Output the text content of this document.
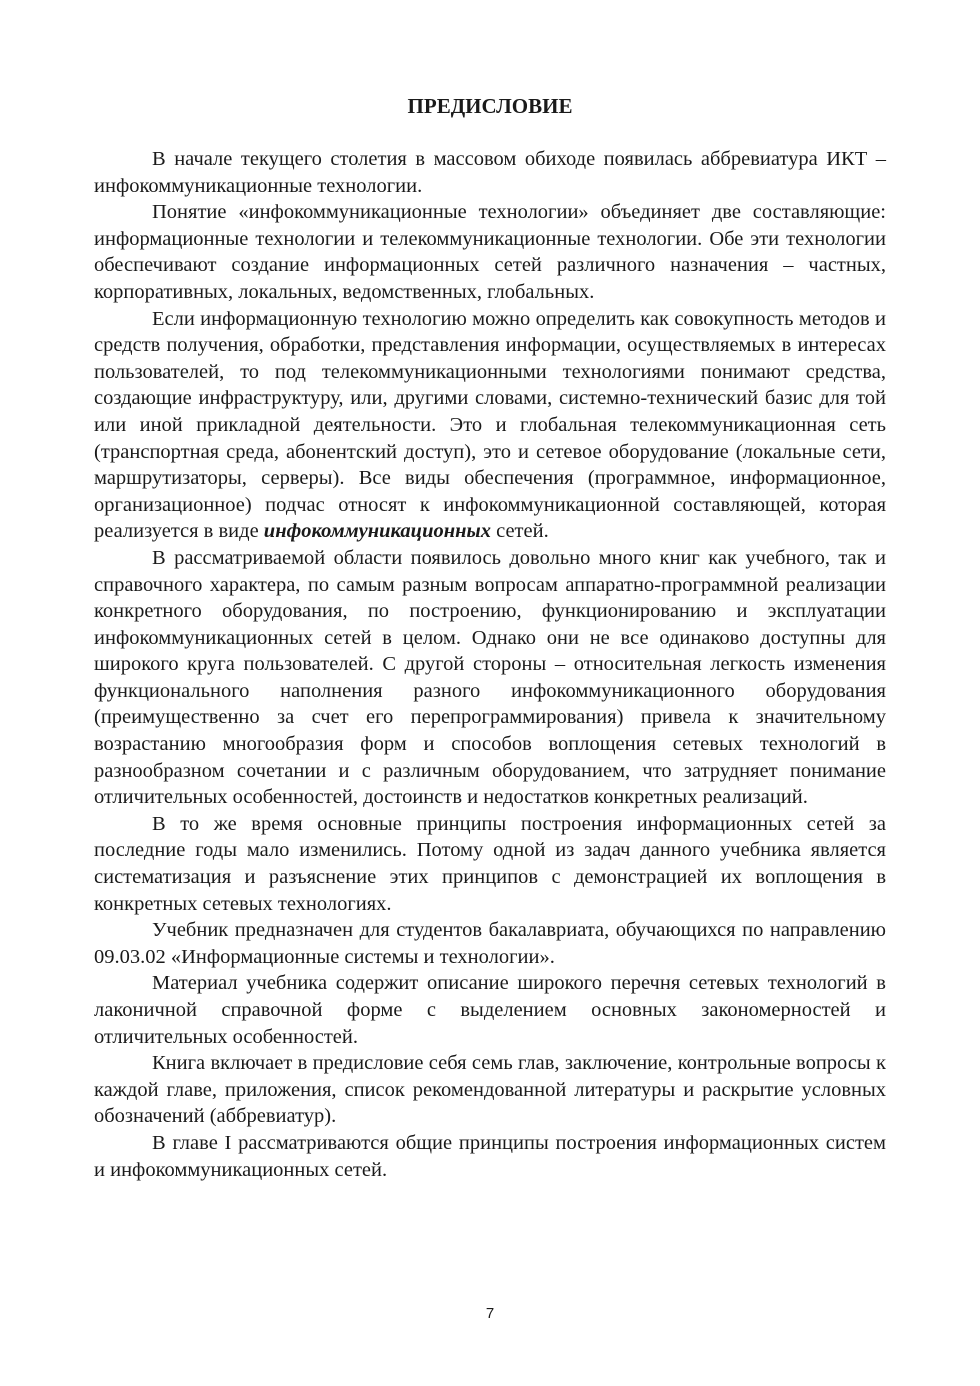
ПРЕДИСЛОВИЕ

В начале текущего столетия в массовом обиходе появилась аббревиатура ИКТ – инфокоммуникационные технологии.

Понятие «инфокоммуникационные технологии» объединяет две составляющие: информационные технологии и телекоммуникационные технологии. Обе эти технологии обеспечивают создание информационных сетей различного назначения – частных, корпоративных, локальных, ведомственных, глобальных.

Если информационную технологию можно определить как совокупность методов и средств получения, обработки, представления информации, осуществляемых в интересах пользователей, то под телекоммуникационными технологиями понимают средства, создающие инфраструктуру, или, другими словами, системно-технический базис для той или иной прикладной деятельности. Это и глобальная телекоммуникационная сеть (транспортная среда, абонентский доступ), это и сетевое оборудование (локальные сети, маршрутизаторы, серверы). Все виды обеспечения (программное, информационное, организационное) подчас относят к инфокоммуникационной составляющей, которая реализуется в виде инфокоммуникационных сетей.

В рассматриваемой области появилось довольно много книг как учебного, так и справочного характера, по самым разным вопросам аппаратно-программной реализации конкретного оборудования, по построению, функционированию и эксплуатации инфокоммуникационных сетей в целом. Однако они не все одинаково доступны для широкого круга пользователей. С другой стороны – относительная легкость изменения функционального наполнения разного инфокоммуникационного оборудования (преимущественно за счет его перепрограммирования) привела к значительному возрастанию многообразия форм и способов воплощения сетевых технологий в разнообразном сочетании и с различным оборудованием, что затрудняет понимание отличительных особенностей, достоинств и недостатков конкретных реализаций.

В то же время основные принципы построения информационных сетей за последние годы мало изменились. Потому одной из задач данного учебника является систематизация и разъяснение этих принципов с демонстрацией их воплощения в конкретных сетевых технологиях.

Учебник предназначен для студентов бакалавриата, обучающихся по направлению 09.03.02 «Информационные системы и технологии».

Материал учебника содержит описание широкого перечня сетевых технологий в лаконичной справочной форме с выделением основных закономерностей и отличительных особенностей.

Книга включает в предисловие себя семь глав, заключение, контрольные вопросы к каждой главе, приложения, список рекомендованной литературы и раскрытие условных обозначений (аббревиатур).

В главе I рассматриваются общие принципы построения информационных систем и инфокоммуникационных сетей.

7
